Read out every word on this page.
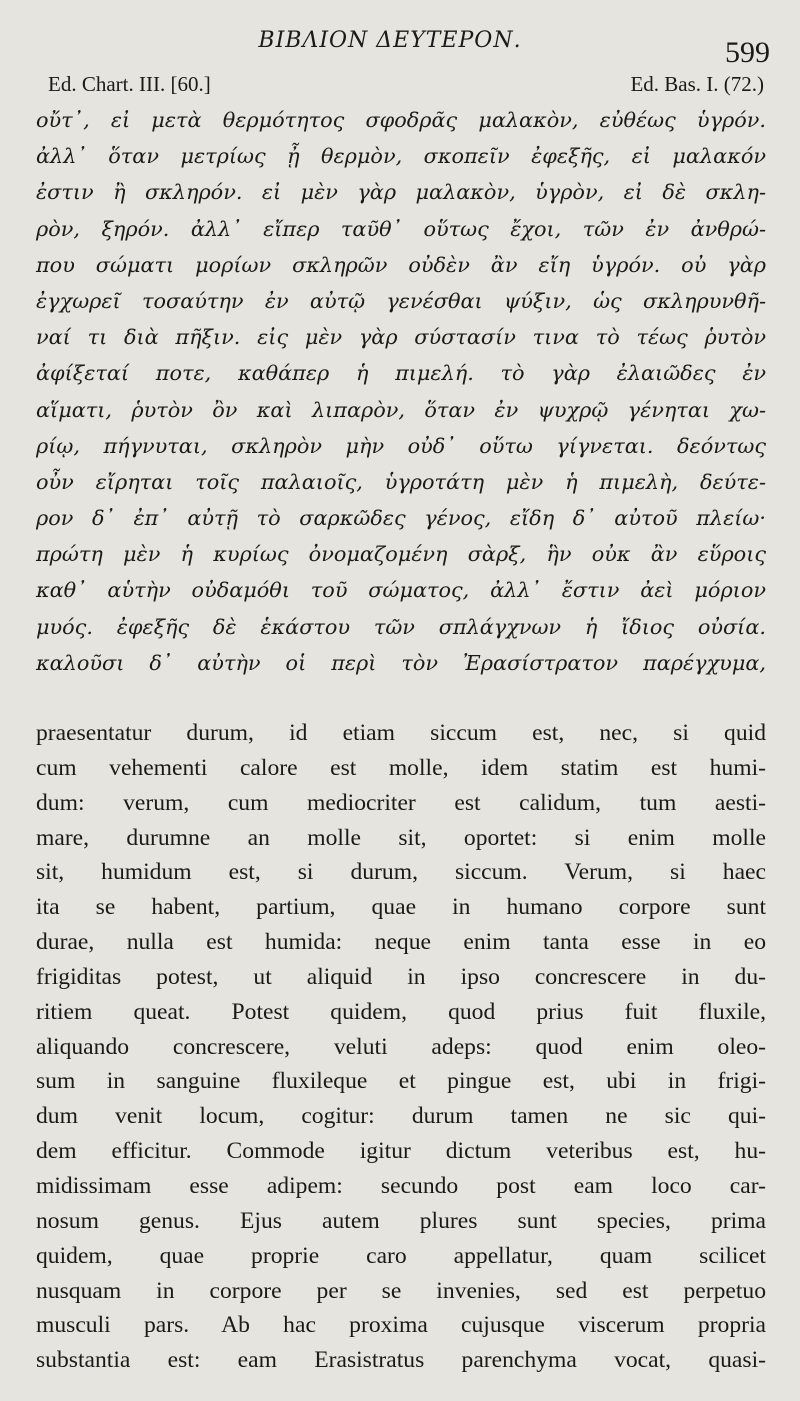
ΒΙΒΛΙΟΝ ΔΕΥΤΕΡΟΝ.	599
Ed. Chart. III. [60.]	Ed. Bas. I. (72.)
οὔτ᾽, εἰ μετὰ θερμότητος σφοδρᾶς μαλακὸν, εὐθέως ὑγρόν.
ἀλλ᾽ ὅταν μετρίως ᾖ θερμὸν, σκοπεῖν ἐφεξῆς, εἰ μαλακόν
ἐστιν ἢ σκληρόν. εἰ μὲν γὰρ μαλακὸν, ὑγρὸν, εἰ δὲ σκλη-
ρὸν, ξηρόν. ἀλλ᾽ εἴπερ ταῦθ᾽ οὕτως ἔχοι, τῶν ἐν ἀνθρώ-
που σώματι μορίων σκληρῶν οὐδὲν ἂν εἴη ὑγρόν. οὐ γὰρ
ἐγχωρεῖ τοσαύτην ἐν αὐτῷ γενέσθαι ψύξιν, ὡς σκληρυνθῆ-
ναί τι διὰ πῆξιν. εἰς μὲν γὰρ σύστασίν τινα τὸ τέως ῥυτὸν
ἀφίξεταί ποτε, καθάπερ ἡ πιμελή. τὸ γὰρ ἐλαιῶδες ἐν
αἵματι, ῥυτὸν ὂν καὶ λιπαρὸν, ὅταν ἐν ψυχρῷ γένηται χω-
ρίῳ, πήγνυται, σκληρὸν μὴν οὐδ᾽ οὕτω γίγνεται. δεόντως
οὖν εἴρηται τοῖς παλαιοῖς, ὑγροτάτη μὲν ἡ πιμελὴ, δεύτε-
ρον δ᾽ ἐπ᾽ αὐτῇ τὸ σαρκῶδες γένος, εἴδη δ᾽ αὐτοῦ πλείω·
πρώτη μὲν ἡ κυρίως ὀνομαζομένη σὰρξ, ἣν οὐκ ἂν εὕροις
καθ᾽ αὑτὴν οὐδαμόθι τοῦ σώματος, ἀλλ᾽ ἔστιν ἀεὶ μόριον
μυός. ἐφεξῆς δὲ ἑκάστου τῶν σπλάγχνων ἡ ἴδιος οὐσία.
καλοῦσι δ᾽ αὐτὴν οἱ περὶ τὸν Ἐρασίστρατον παρέγχυμα,
praesentatur durum, id etiam siccum est, nec, si quid
cum vehementi calore est molle, idem statim est humi-
dum: verum, cum mediocriter est calidum, tum aesti-
mare, durumne an molle sit, oportet: si enim molle
sit, humidum est, si durum, siccum. Verum, si haec
ita se habent, partium, quae in humano corpore sunt
durae, nulla est humida: neque enim tanta esse in eo
frigiditas potest, ut aliquid in ipso concrescere in du-
ritiem queat. Potest quidem, quod prius fuit fluxile,
aliquando concrescere, veluti adeps: quod enim oleo-
sum in sanguine fluxileque et pingue est, ubi in frigi-
dum venit locum, cogitur: durum tamen ne sic qui-
dem efficitur. Commode igitur dictum veteribus est, hu-
midissimam esse adipem: secundo post eam loco car-
nosum genus. Ejus autem plures sunt species, prima
quidem, quae proprie caro appellatur, quam scilicet
nusquam in corpore per se invenies, sed est perpetuo
musculi pars. Ab hac proxima cujusque viscerum propria
substantia est: eam Erasistratus parenchyma vocat, quasi-
